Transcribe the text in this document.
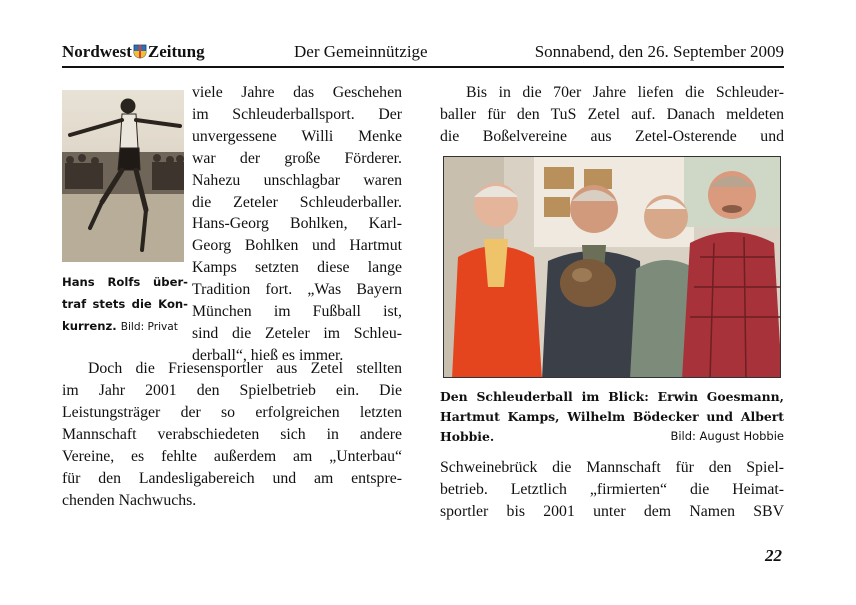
Nordwest Zeitung	Der Gemeinnützige	Sonnabend, den 26. September 2009
Hans Rolfs über-
traf stets die Kon-
kurrenz. Bild: Privat
viele Jahre das Geschehen
im Schleuderballsport. Der
unvergessene Willi Menke
war der große Förderer.
Nahezu unschlagbar waren
die Zeteler Schleuderballer.
Hans-Georg Bohlken, Karl-
Georg Bohlken und Hartmut
Kamps setzten diese lange
Tradition fort. „Was Bayern
München im Fußball ist,
sind die Zeteler im Schleu-
derball“, hieß es immer.
Doch die Friesensportler aus Zetel stellten
im Jahr 2001 den Spielbetrieb ein. Die
Leistungsträger der so erfolgreichen letzten
Mannschaft verabschiedeten sich in andere
Vereine, es fehlte außerdem am „Unterbau“
für den Landesligabereich und am entspre-
chenden Nachwuchs.
Bis in die 70er Jahre liefen die Schleuder-
baller für den TuS Zetel auf. Danach meldeten
die Boßelvereine aus Zetel-Osterende und
Den Schleuderball im Blick: Erwin Goesmann,
Hartmut Kamps, Wilhelm Bödecker und Albert
Hobbie.	Bild: August Hobbie
Schweinebrück die Mannschaft für den Spiel-
betrieb. Letztlich „firmierten“ die Heimat-
sportler bis 2001 unter dem Namen SBV
22
